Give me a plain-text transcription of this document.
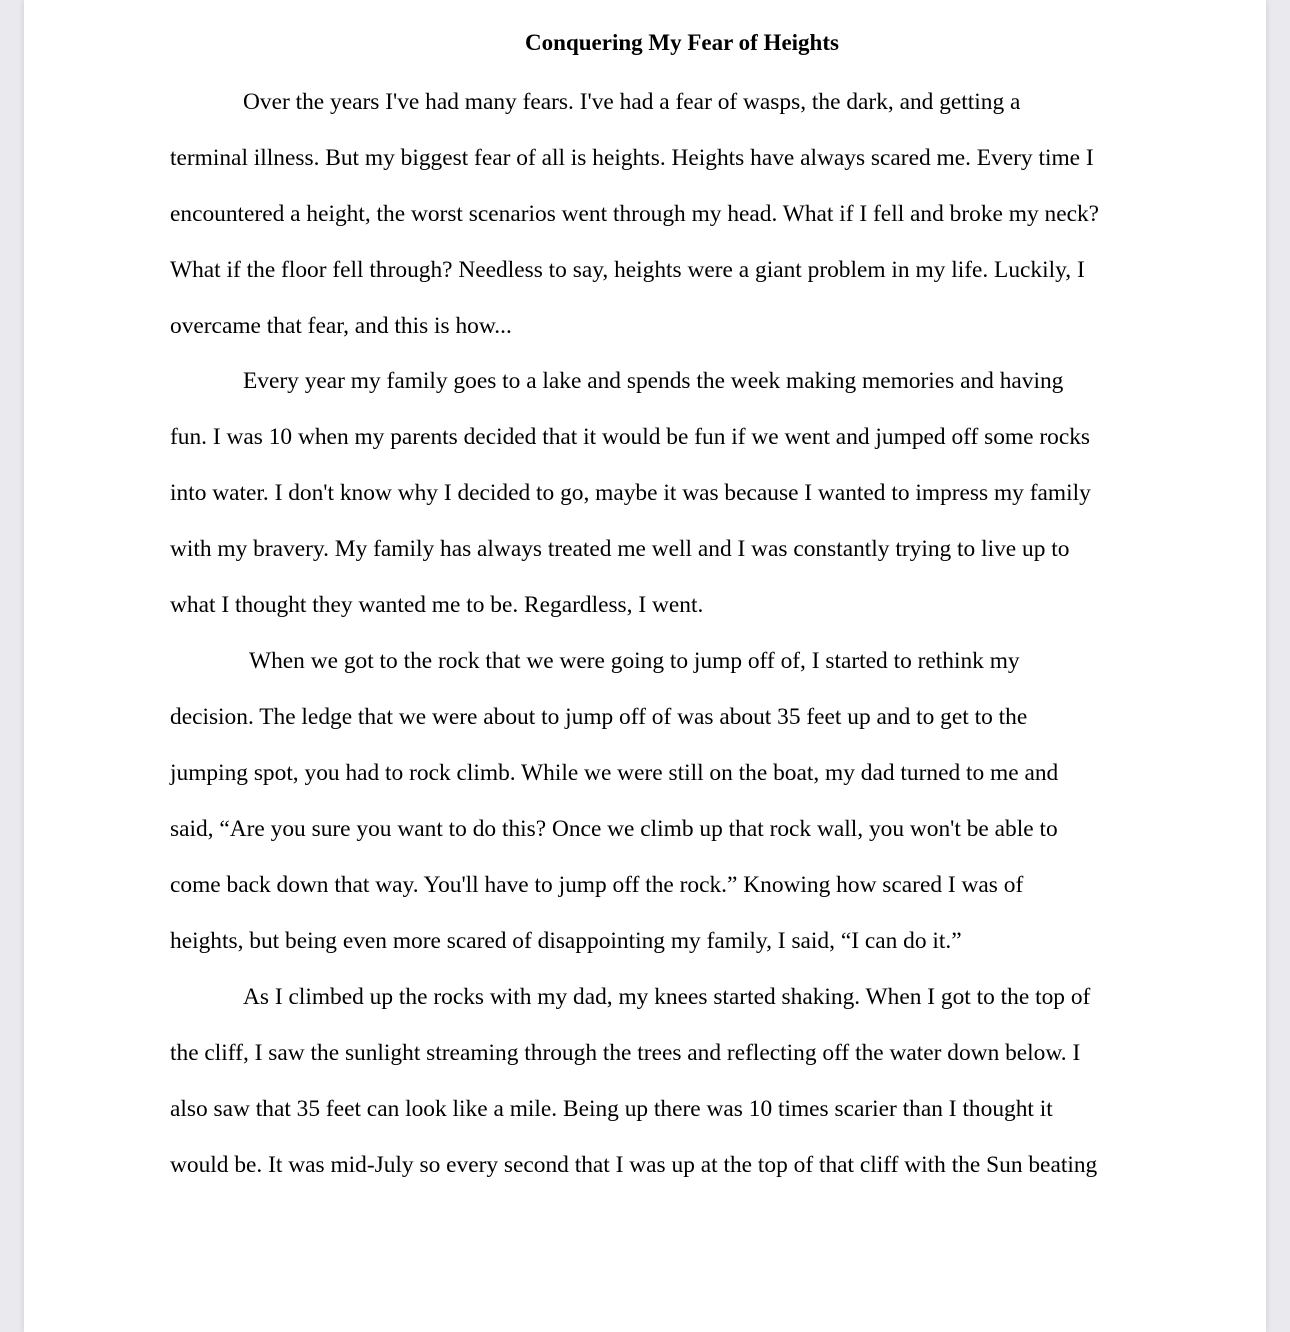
Conquering My Fear of Heights
Over the years I've had many fears. I've had a fear of wasps, the dark, and getting a
terminal illness. But my biggest fear of all is heights. Heights have always scared me. Every time I
encountered a height, the worst scenarios went through my head. What if I fell and broke my neck?
What if the floor fell through? Needless to say, heights were a giant problem in my life. Luckily, I
overcame that fear, and this is how...
Every year my family goes to a lake and spends the week making memories and having
fun. I was 10 when my parents decided that it would be fun if we went and jumped off some rocks
into water. I don't know why I decided to go, maybe it was because I wanted to impress my family
with my bravery. My family has always treated me well and I was constantly trying to live up to
what I thought they wanted me to be. Regardless, I went.
When we got to the rock that we were going to jump off of, I started to rethink my
decision. The ledge that we were about to jump off of was about 35 feet up and to get to the
jumping spot, you had to rock climb. While we were still on the boat, my dad turned to me and
said, “Are you sure you want to do this? Once we climb up that rock wall, you won't be able to
come back down that way. You'll have to jump off the rock.” Knowing how scared I was of
heights, but being even more scared of disappointing my family, I said, “I can do it.”
As I climbed up the rocks with my dad, my knees started shaking. When I got to the top of
the cliff, I saw the sunlight streaming through the trees and reflecting off the water down below. I
also saw that 35 feet can look like a mile. Being up there was 10 times scarier than I thought it
would be. It was mid-July so every second that I was up at the top of that cliff with the Sun beating
